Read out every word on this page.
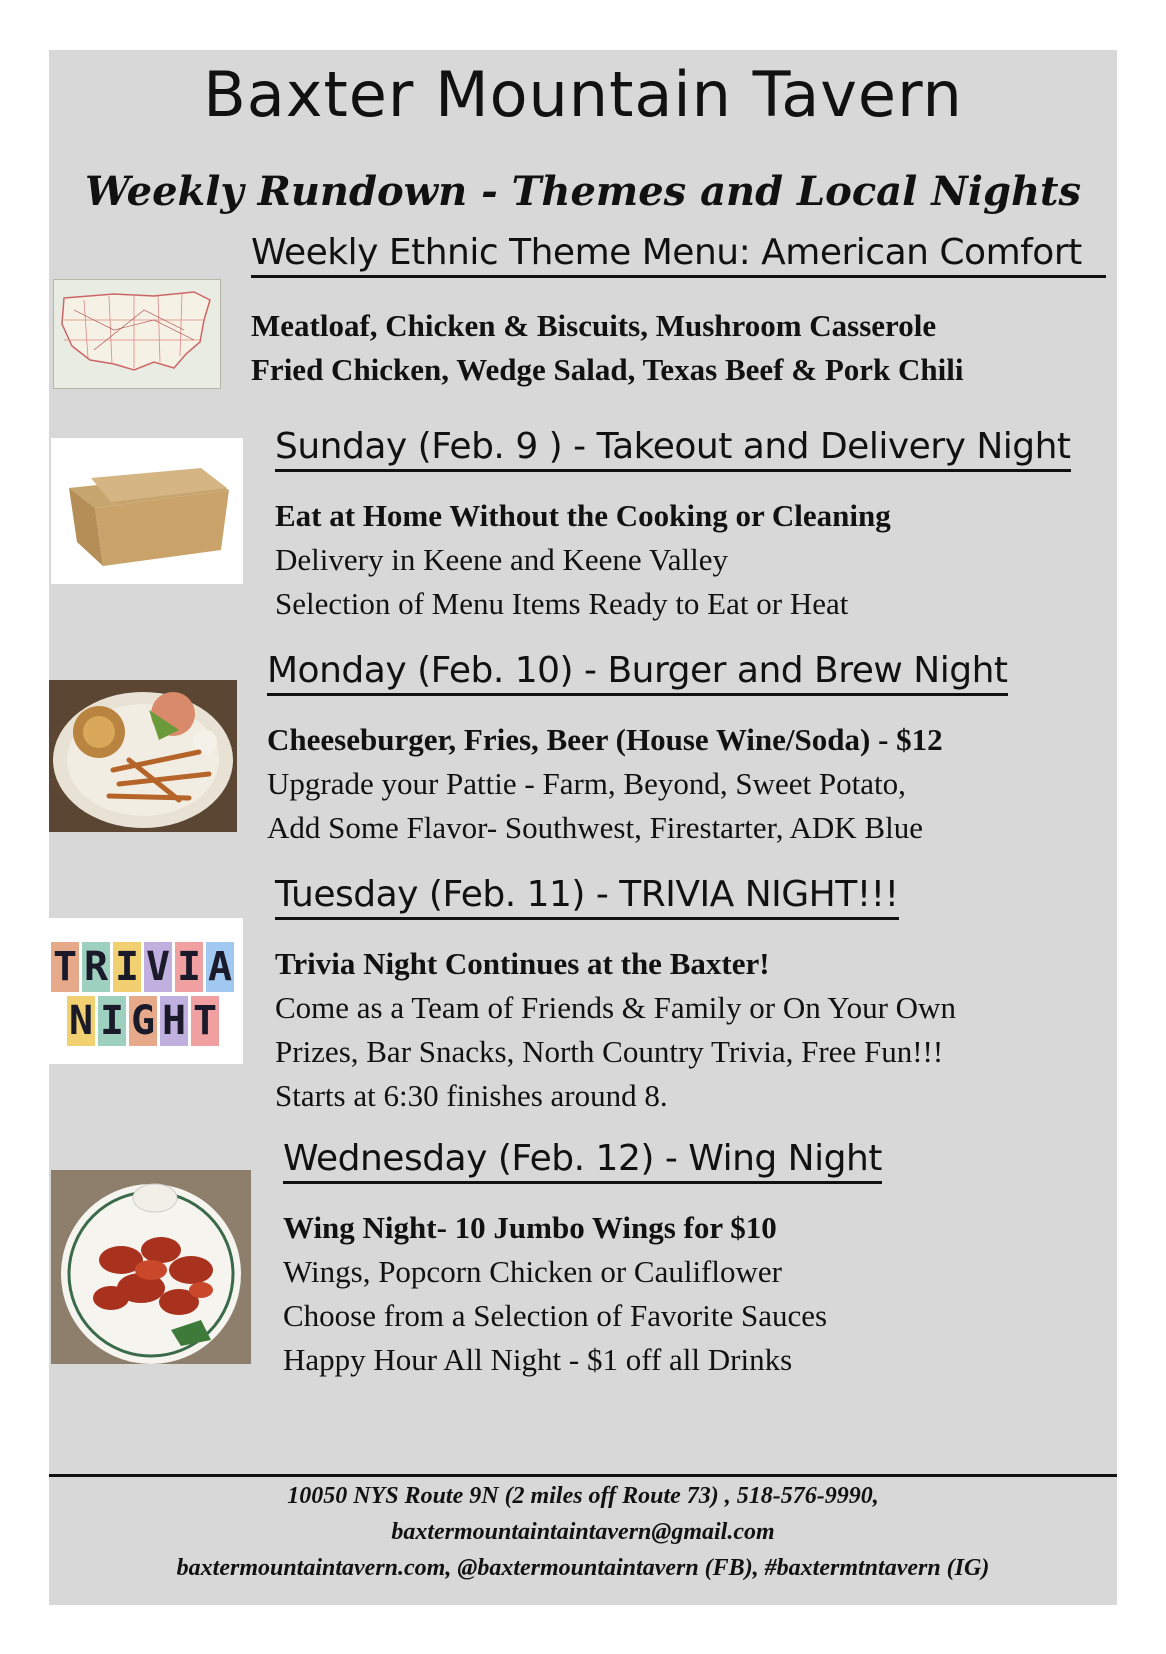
Baxter Mountain Tavern
Weekly Rundown - Themes and Local Nights
Weekly Ethnic Theme Menu: American Comfort
Meatloaf, Chicken & Biscuits, Mushroom Casserole
Fried Chicken, Wedge Salad, Texas Beef & Pork Chili
Sunday (Feb. 9 ) - Takeout and Delivery Night
Eat at Home Without the Cooking or Cleaning
Delivery in Keene and Keene Valley
Selection of Menu Items Ready to Eat or Heat
Monday (Feb. 10) - Burger and Brew Night
Cheeseburger, Fries, Beer (House Wine/Soda) - $12
Upgrade your Pattie - Farm, Beyond, Sweet Potato,
Add Some Flavor- Southwest, Firestarter, ADK Blue
T R I V I A
N I G H T
Tuesday (Feb. 11) - TRIVIA NIGHT!!!
Trivia Night Continues at the Baxter!
Come as a Team of Friends & Family or On Your Own
Prizes, Bar Snacks, North Country Trivia, Free Fun!!!
Starts at 6:30 finishes around 8.
Wednesday (Feb. 12) - Wing Night
Wing Night- 10 Jumbo Wings for $10
Wings, Popcorn Chicken or Cauliflower
Choose from a Selection of Favorite Sauces
Happy Hour All Night - $1 off all Drinks
10050 NYS Route 9N (2 miles off Route 73) , 518-576-9990,
baxtermountaintaintavern@gmail.com
baxtermountaintavern.com, @baxtermountaintavern (FB), #baxtermtntavern (IG)
